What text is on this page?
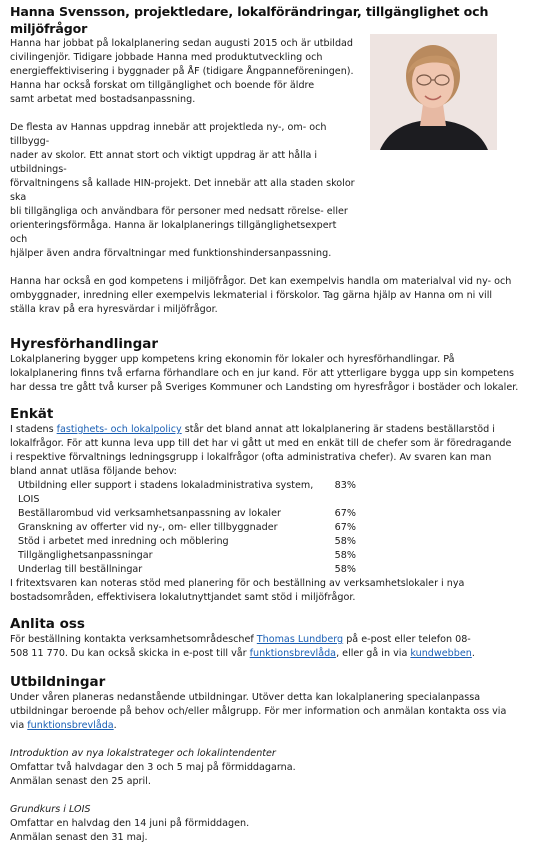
Hanna Svensson, projektledare, lokalförändringar, tillgänglighet och miljöfrågor
Hanna har jobbat på lokalplanering sedan augusti 2015 och är utbildad
civilingenjör. Tidigare jobbade Hanna med produktutveckling och
energieffektivisering i byggnader på ÅF (tidigare Ångpanneföreningen).
Hanna har också forskat om tillgänglighet och boende för äldre
samt arbetat med bostadsanpassning.
De flesta av Hannas uppdrag innebär att projektleda ny-, om- och tillbygg-
nader av skolor. Ett annat stort och viktigt uppdrag är att hålla i utbildnings-
förvaltningens så kallade HIN-projekt. Det innebär att alla staden skolor ska
bli tillgängliga och användbara för personer med nedsatt rörelse- eller
orienteringsförmåga. Hanna är lokalplanerings tillgänglighetsexpert och
hjälper även andra förvaltningar med funktionshindersanpassning.
Hanna har också en god kompetens i miljöfrågor. Det kan exempelvis handla om materialval vid ny- och
ombyggnader, inredning eller exempelvis lekmaterial i förskolor. Tag gärna hjälp av Hanna om ni vill
ställa krav på era hyresvärdar i miljöfrågor.
Hyresförhandlingar
Lokalplanering bygger upp kompetens kring ekonomin för lokaler och hyresförhandlingar. På
lokalplanering finns två erfarna förhandlare och en jur kand. För att ytterligare bygga upp sin kompetens
har dessa tre gått två kurser på Sveriges Kommuner och Landsting om hyresfrågor i bostäder och lokaler.
Enkät
I stadens fastighets- och lokalpolicy står det bland annat att lokalplanering är stadens beställarstöd i
lokalfrågor. För att kunna leva upp till det har vi gått ut med en enkät till de chefer som är föredragande
i respektive förvaltnings ledningsgrupp i lokalfrågor (ofta administrativa chefer). Av svaren kan man
bland annat utläsa följande behov:
Utbildning eller support i stadens lokaladministrativa system, LOIS
83%
Beställarombud vid verksamhetsanpassning av lokaler	67%
Granskning av offerter vid ny-, om- eller tillbyggnader	67%
Stöd i arbetet med inredning och möblering	58%
Tillgänglighetsanpassningar	58%
Underlag till beställningar	58%
I fritextsvaren kan noteras stöd med planering för och beställning av verksamhetslokaler i nya
bostadsområden, effektivisera lokalutnyttjandet samt stöd i miljöfrågor.
Anlita oss
För beställning kontakta verksamhetsområdeschef Thomas Lundberg på e-post eller telefon 08-
508 11 770. Du kan också skicka in e-post till vår funktionsbrevlåda, eller gå in via kundwebben.
Utbildningar
Under våren planeras nedanstående utbildningar. Utöver detta kan lokalplanering specialanpassa
utbildningar beroende på behov och/eller målgrupp. För mer information och anmälan kontakta oss via
via funktionsbrevlåda.
Introduktion av nya lokalstrateger och lokalintendenter
Omfattar två halvdagar den 3 och 5 maj på förmiddagarna.
Anmälan senast den 25 april.
Grundkurs i LOIS
Omfattar en halvdag den 14 juni på förmiddagen.
Anmälan senast den 31 maj.
